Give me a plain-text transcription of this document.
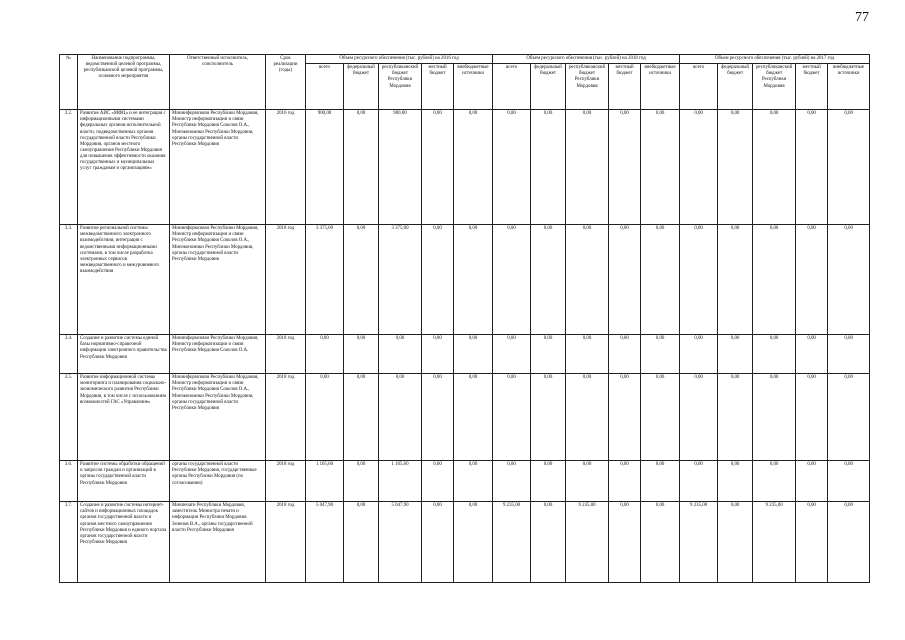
77
№	Наименование подпрограммы, ведомственной целевой программы, республиканской целевой программы, основного мероприятия	Ответственный исполнитель, соисполнитель	Срок реализации (годы)	Объем ресурсного обеспечения (тыс. рублей) на 2016 год					Объем ресурсного обеспечения (тыс. рублей) на 2018 год					Объем ресурсного обеспечения (тыс. рублей) на 2017 год				
				всего	федеральный бюджет	республиканский бюджет Республики Мордовия	местный бюджет	внебюджетные источники	всего	федеральный бюджет	республиканский бюджет Республики Мордовия	местный бюджет	внебюджетные источники	всего	федеральный бюджет	республиканский бюджет Республики Мордовия	местный бюджет	внебюджетные источники
3.2.	Развитие АИС «МФЦ» и ее интеграция с информационными системами федеральных органов исполнительной власти, подведомственных органов государственной власти Республики Мордовия, органов местного самоуправления Республики Мордовия для повышения эффективности оказания государственных и муниципальных услуг гражданам и организациям»	Мининформсвязи Республики Мордовия, Министр информатизации и связи Республики Мордовия Соколов О.А., Минэкономики Республики Мордовия, органы государственной власти Республики Мордовия	2016 год	900,00	0,00	900,00	0,00	0,00	0,00	0,00	0,00	0,00	0,00	0,00	0,00	0,00	0,00	0,00
3.3.	Развитие региональной системы межведомственного электронного взаимодействия, интеграция с ведомственными информационными системами, в том числе разработка электронных сервисов межведомственного и межуровневого взаимодействия	Мининформсвязи Республики Мордовия, Министр информатизации и связи Республики Мордовия Соколов О.А., Минэкономики Республики Мордовия, органы государственной власти Республики Мордовия	2018 год	3 375,00	0,00	3 375,00	0,00	0,00	0,00	0,00	0,00	0,00	0,00	0,00	0,00	0,00	0,00	0,00
3.4.	Создание и развитие системы единой базы нормативно-справочной информации электронного правительства Республики Мордовия	Мининформсвязи Республики Мордовия, Министр информатизации и связи Республики Мордовия Соколов О.А.	2018 год	0,00	0,00	0,00	0,00	0,00	0,00	0,00	0,00	0,00	0,00	0,00	0,00	0,00	0,00	0,00
3.5.	Развитие информационной системы мониторинга и планирования социально-экономического развития Республики Мордовия, в том числе с использованием возможностей ГАС «Управление»	Мининформсвязи Республики Мордовия, Министр информатизации и связи Республики Мордовия Соколов О.А., Минэкономики Республики Мордовия, органы государственной власти Республики Мордовия	2018 год	0,00	0,00	0,00	0,00	0,00	0,00	0,00	0,00	0,00	0,00	0,00	0,00	0,00	0,00	0,00
3.6.	Развитие системы обработки обращений и запросов граждан и организаций в органы государственной власти Республики Мордовия	органы государственной власти Республики Мордовия, государственные органы Республики Мордовия (по согласованию)	2018 год	1 105,60	0,00	1 105,60	0,00	0,00	0,00	0,00	0,00	0,00	0,00	0,00	0,00	0,00	0,00	0,00
3.7.	Создание и развитие системы интернет-сайтов и информационных площадок органов государственной власти и органов местного самоуправления Республики Мордовия и единого портала органов государственной власти Республики Мордовия	Минпечати Республики Мордовия, заместитель Министра печати и информации Республики Мордовия Зеленов В.А., органы государственной власти Республики Мордовия	2018 год	5 047,90	0,00	5 047,90	0,00	0,00	9 235,00	0,00	9 235,00	0,00	0,00	9 235,00	0,00	9 235,00	0,00	0,00
